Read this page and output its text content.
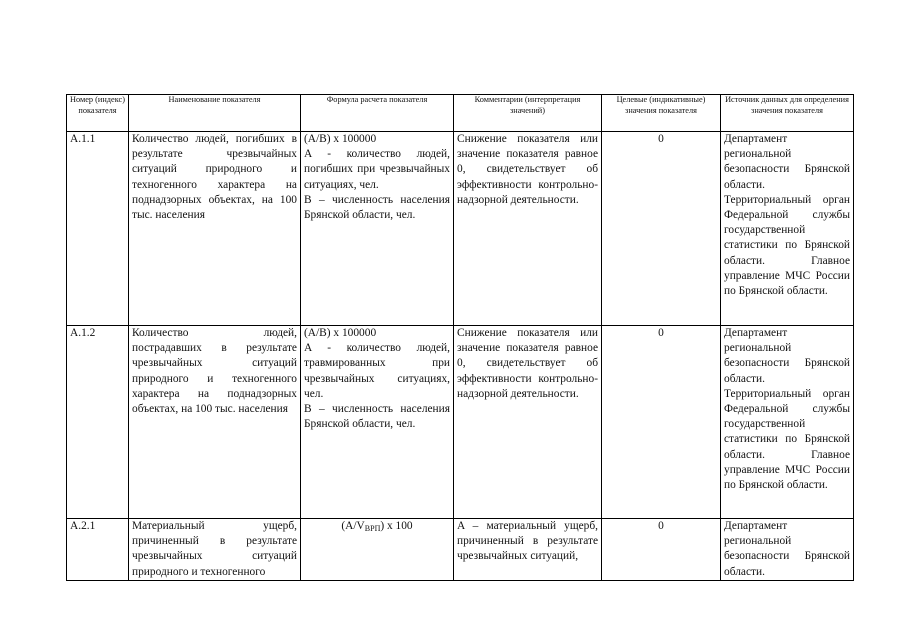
Номер (индекс) показателя	Наименование показателя	Формула расчета показателя	Комментарии (интерпретация значений)	Целевые (индикативные) значения показателя	Источник данных для определения значения показателя
A.1.1	Количество людей, погибших в результате чрезвычайных ситуаций природного и техногенного характера на поднадзорных объектах, на 100 тыс. населения	(A/B) x 100000
A - количество людей, погибших при чрезвычайных ситуациях, чел.
B – численность населения Брянской области, чел.	Снижение показателя или значение показателя равное 0, свидетельствует об эффективности контрольно-надзорной деятельности.	0	Департамент региональной безопасности Брянской области. Территориальный орган Федеральной службы государственной статистики по Брянской области. Главное управление МЧС России по Брянской области.
A.1.2	Количество людей, пострадавших в результате чрезвычайных ситуаций природного и техногенного характера на поднадзорных объектах, на 100 тыс. населения	(A/B) x 100000
A - количество людей, травмированных при чрезвычайных ситуациях, чел.
B – численность населения Брянской области, чел.	Снижение показателя или значение показателя равное 0, свидетельствует об эффективности контрольно-надзорной деятельности.	0	Департамент региональной безопасности Брянской области. Территориальный орган Федеральной службы государственной статистики по Брянской области. Главное управление МЧС России по Брянской области.
A.2.1	Материальный ущерб, причиненный в результате чрезвычайных ситуаций природного и техногенного	$(A/V_{ВРП})$ x 100	A – материальный ущерб, причиненный в результате чрезвычайных ситуаций,	0	Департамент региональной безопасности Брянской области.
